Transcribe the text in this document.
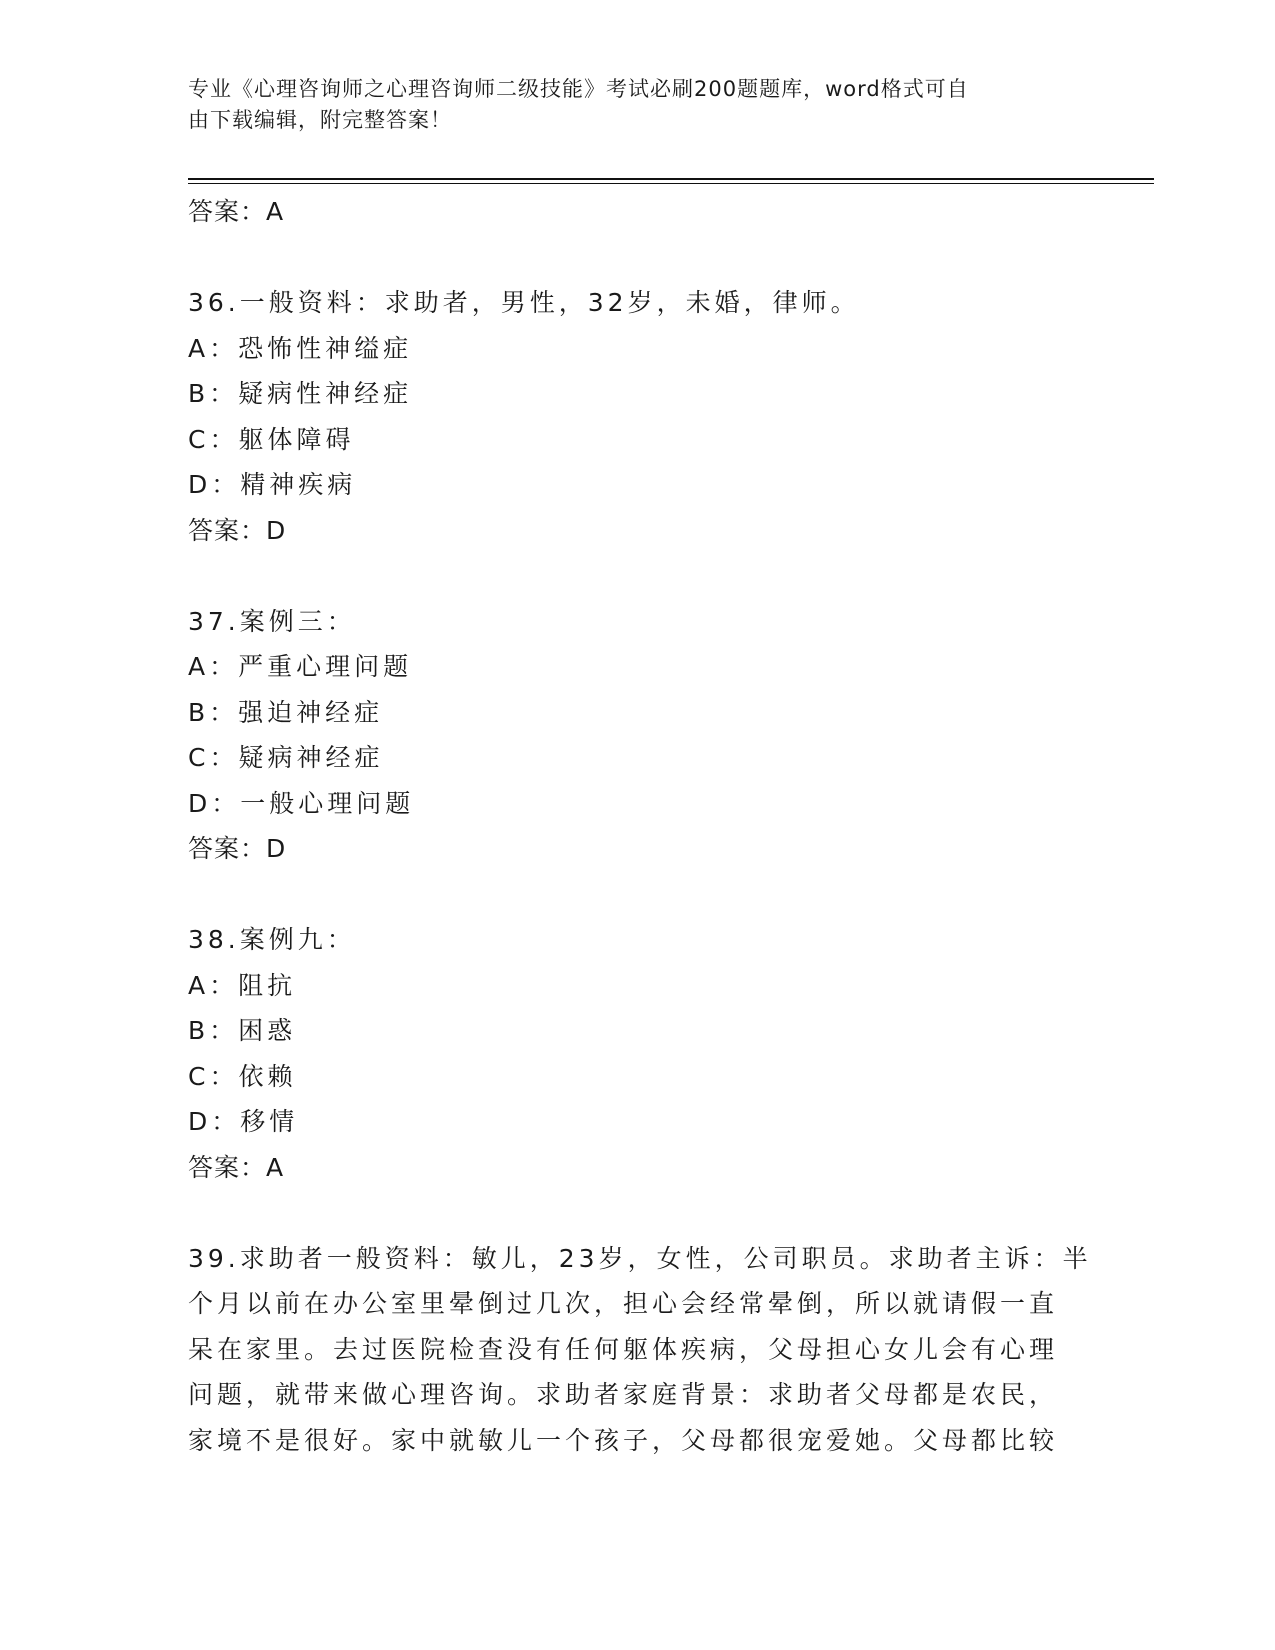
专业《心理咨询师之心理咨询师二级技能》考试必刷200题题库，word格式可自
由下载编辑，附完整答案！
答案：A
36.一般资料：求助者，男性，32岁，未婚，律师。
A：恐怖性神缢症
B：疑病性神经症
C：躯体障碍
D：精神疾病
答案：D
37.案例三：
A：严重心理问题
B：强迫神经症
C：疑病神经症
D：一般心理问题
答案：D
38.案例九：
A：阻抗
B：困惑
C：依赖
D：移情
答案：A
39.求助者一般资料：敏儿，23岁，女性，公司职员。求助者主诉：半
个月以前在办公室里晕倒过几次，担心会经常晕倒，所以就请假一直
呆在家里。去过医院检查没有任何躯体疾病，父母担心女儿会有心理
问题，就带来做心理咨询。求助者家庭背景：求助者父母都是农民，
家境不是很好。家中就敏儿一个孩子，父母都很宠爱她。父母都比较
